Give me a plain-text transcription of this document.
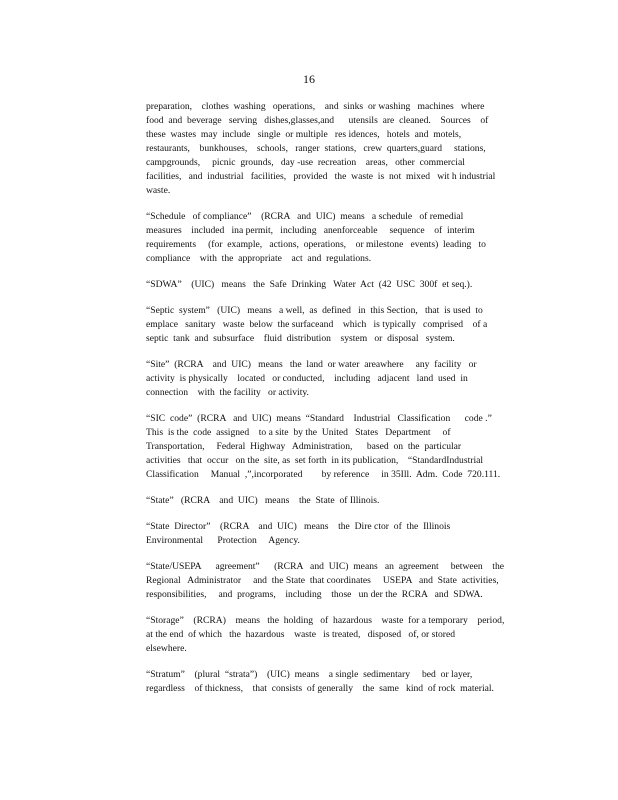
16

preparation,    clothes  washing   operations,    and  sinks  or washing   machines   where
food  and  beverage   serving   dishes,glasses,and      utensils  are  cleaned.    Sources    of
these  wastes  may  include   single  or multiple   res idences,   hotels  and  motels,
restaurants,    bunkhouses,    schools,   ranger  stations,   crew  quarters,guard     stations,
campgrounds,     picnic  grounds,   day -use  recreation    areas,   other  commercial
facilities,   and  industrial   facilities,   provided   the  waste  is  not  mixed   wit h industrial
waste.

“Schedule   of compliance”    (RCRA   and  UIC)  means   a schedule   of remedial
measures    included   ina permit,   including   anenforceable     sequence    of  interim
requirements     (for  example,   actions,  operations,    or milestone   events)  leading   to
compliance    with  the  appropriate    act  and  regulations.

“SDWA”    (UIC)   means   the  Safe  Drinking   Water  Act  (42  USC  300f  et seq.).

“Septic  system”   (UIC)   means   a well,  as  defined   in  this Section,   that  is used  to
emplace   sanitary   waste  below  the surfaceand    which   is typically   comprised    of a
septic  tank  and  subsurface    fluid  distribution    system   or  disposal   system.

“Site”  (RCRA    and  UIC)   means   the  land  or water  areawhere     any  facility   or
activity  is physically    located   or conducted,    including   adjacent   land  used  in
connection    with  the facility   or activity.

“SIC  code”  (RCRA   and  UIC)  means  “Standard    Industrial   Classification      code .”
This  is the  code  assigned    to a site  by the  United   States   Department     of
Transportation,     Federal  Highway   Administration,      based  on  the  particular
activities   that  occur   on the  site, as  set forth  in its publication,    “StandardIndustrial
Classification     Manual  ,”,incorporated        by reference     in 35Ill.  Adm.  Code  720.111.

“State”   (RCRA    and  UIC)   means    the  State  of Illinois.

“State  Director”    (RCRA    and  UIC)   means    the  Dire ctor  of  the  Illinois
Environmental      Protection     Agency.

“State/USEPA      agreement”      (RCRA   and  UIC)  means   an  agreement     between    the
Regional   Administrator     and  the State  that coordinates     USEPA   and  State  activities,
responsibilities,     and  programs,    including    those   un der the  RCRA   and  SDWA.

“Storage”    (RCRA)    means   the  holding   of  hazardous    waste  for a temporary    period,
at the end  of which   the  hazardous    waste   is treated,   disposed   of, or stored
elsewhere.

“Stratum”    (plural  “strata”)    (UIC)  means    a single  sedimentary     bed  or layer,
regardless    of thickness,    that  consists  of generally    the  same   kind  of rock  material.
